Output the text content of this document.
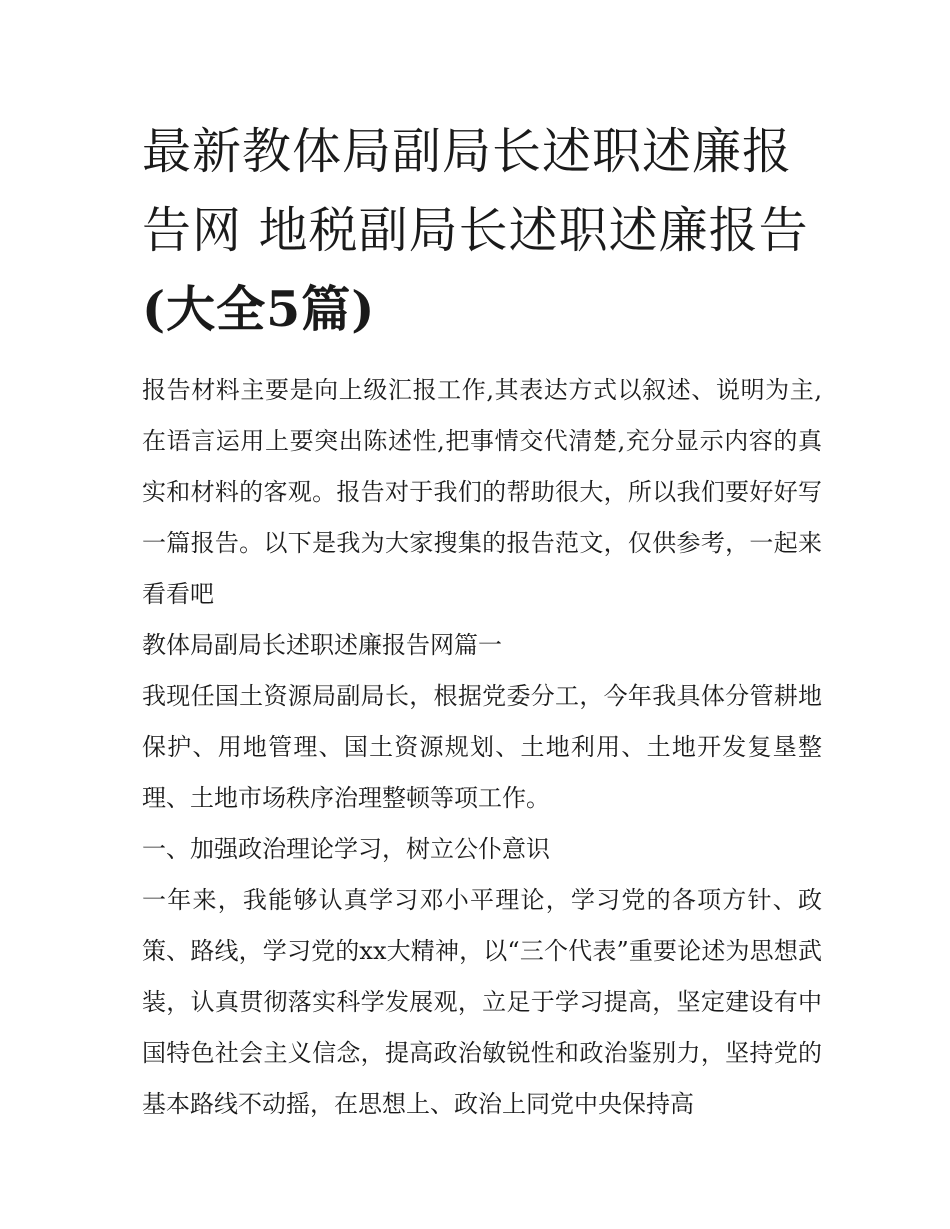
最新教体局副局长述职述廉报
告网 地税副局长述职述廉报告
(大全5篇)

报告材料主要是向上级汇报工作,其表达方式以叙述、说明为主,在语言运用上要突出陈述性,把事情交代清楚,充分显示内容的真实和材料的客观。报告对于我们的帮助很大，所以我们要好好写一篇报告。以下是我为大家搜集的报告范文，仅供参考，一起来看看吧

教体局副局长述职述廉报告网篇一

我现任国土资源局副局长，根据党委分工，今年我具体分管耕地保护、用地管理、国土资源规划、土地利用、土地开发复垦整理、土地市场秩序治理整顿等项工作。

一、加强政治理论学习，树立公仆意识

一年来，我能够认真学习邓小平理论，学习党的各项方针、政策、路线，学习党的xx大精神，以“三个代表”重要论述为思想武装，认真贯彻落实科学发展观，立足于学习提高，坚定建设有中国特色社会主义信念，提高政治敏锐性和政治鉴别力，坚持党的基本路线不动摇，在思想上、政治上同党中央保持高
